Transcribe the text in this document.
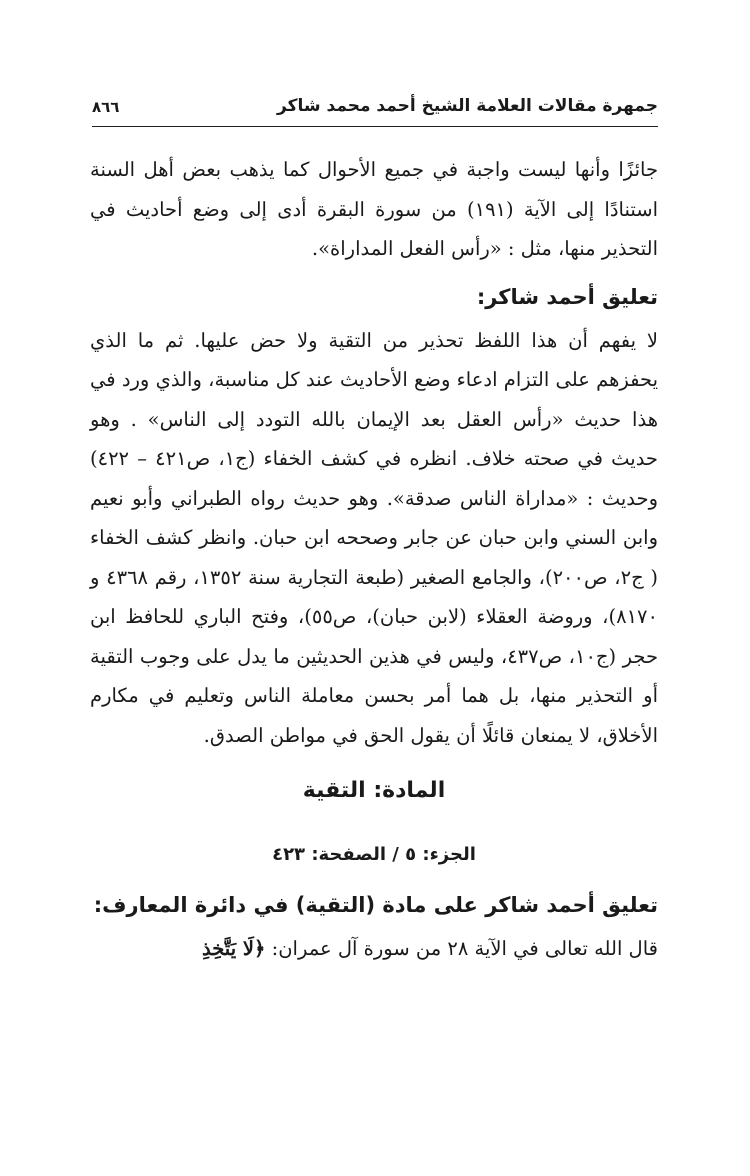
جمهرة مقالات العلامة الشيخ أحمد محمد شاكر
٨٦٦

جائزًا وأنها ليست واجبة في جميع الأحوال كما يذهب بعض أهل السنة استنادًا إلى الآية (١٩١) من سورة البقرة أدى إلى وضع أحاديث في التحذير منها، مثل : «رأس الفعل المداراة».

تعليق أحمد شاكر:

لا يفهم أن هذا اللفظ تحذير من التقية ولا حض عليها. ثم ما الذي يحفزهم على التزام ادعاء وضع الأحاديث عند كل مناسبة، والذي ورد في هذا حديث «رأس العقل بعد الإيمان بالله التودد إلى الناس» . وهو حديث في صحته خلاف. انظره في كشف الخفاء (ج١، ص٤٢١ – ٤٢٢) وحديث : «مداراة الناس صدقة». وهو حديث رواه الطبراني وأبو نعيم وابن السني وابن حبان عن جابر وصححه ابن حبان. وانظر كشف الخفاء ( ج٢، ص٢٠٠)، والجامع الصغير (طبعة التجارية سنة ١٣٥٢، رقم ٤٣٦٨ و ٨١٧٠)، وروضة العقلاء (لابن حبان)، ص٥٥)، وفتح الباري للحافظ ابن حجر (ج١٠، ص٤٣٧، وليس في هذين الحديثين ما يدل على وجوب التقية أو التحذير منها، بل هما أمر بحسن معاملة الناس وتعليم في مكارم الأخلاق، لا يمنعان قائلًا أن يقول الحق في مواطن الصدق.

المادة: التقية

الجزء: ٥ / الصفحة: ٤٢٣

تعليق أحمد شاكر على مادة (التقية) في دائرة المعارف:

قال الله تعالى في الآية ٢٨ من سورة آل عمران: ﴿لَا يَتَّخِذِ
